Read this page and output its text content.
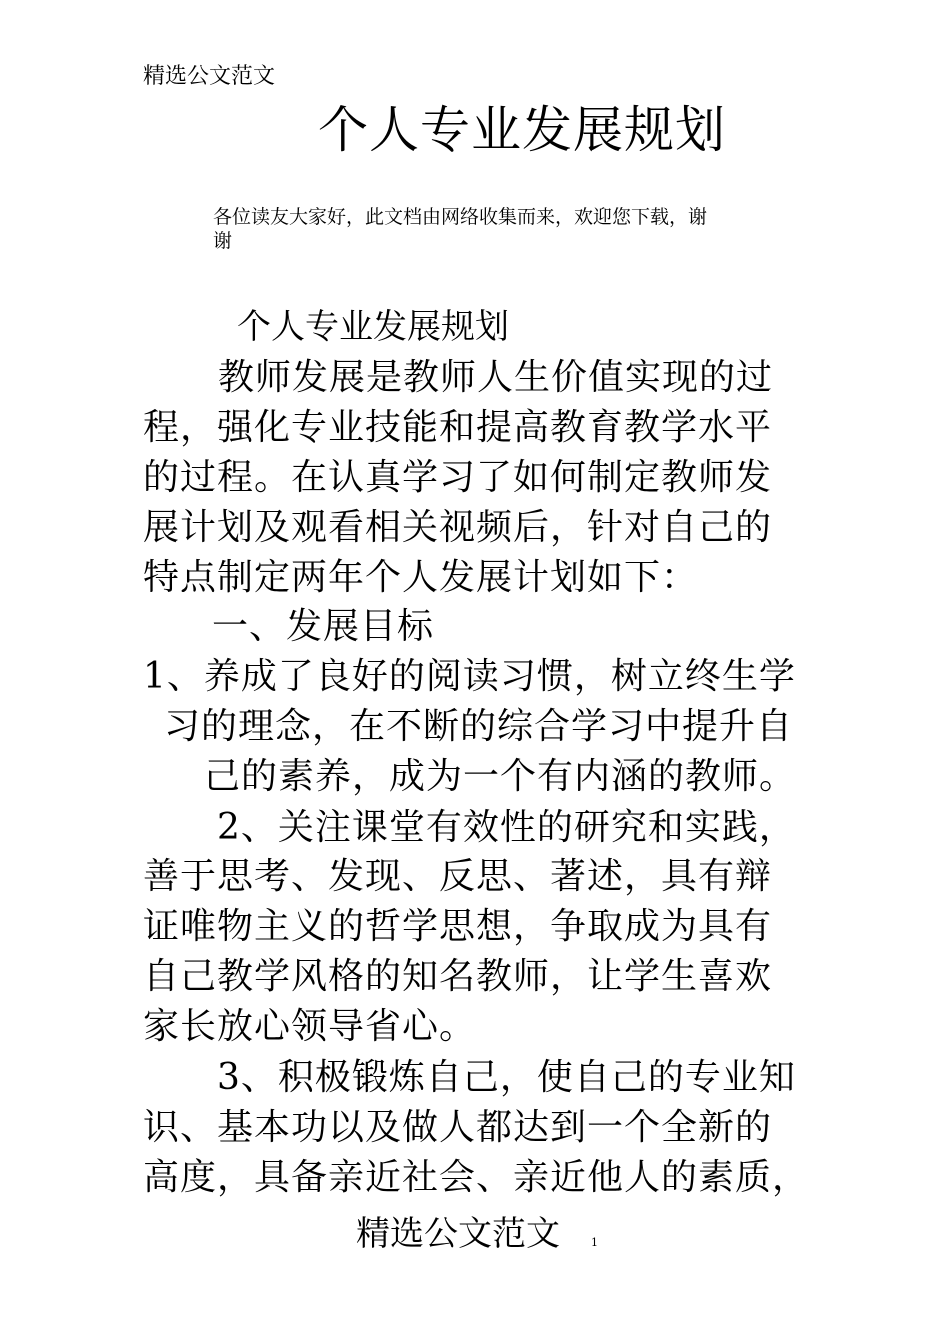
精选公文范文
个人专业发展规划
各位读友大家好，此文档由网络收集而来，欢迎您下载，谢
谢
个人专业发展规划
教师发展是教师人生价值实现的过
程，强化专业技能和提高教育教学水平
的过程。在认真学习了如何制定教师发
展计划及观看相关视频后，针对自己的
特点制定两年个人发展计划如下：
一、发展目标
1、养成了良好的阅读习惯，树立终生学
习的理念，在不断的综合学习中提升自
己的素养，成为一个有内涵的教师。
2、关注课堂有效性的研究和实践，
善于思考、发现、反思、著述，具有辩
证唯物主义的哲学思想，争取成为具有
自己教学风格的知名教师，让学生喜欢
家长放心领导省心。
3、积极锻炼自己，使自己的专业知
识、基本功以及做人都达到一个全新的
高度，具备亲近社会、亲近他人的素质，
精选公文范文	1
